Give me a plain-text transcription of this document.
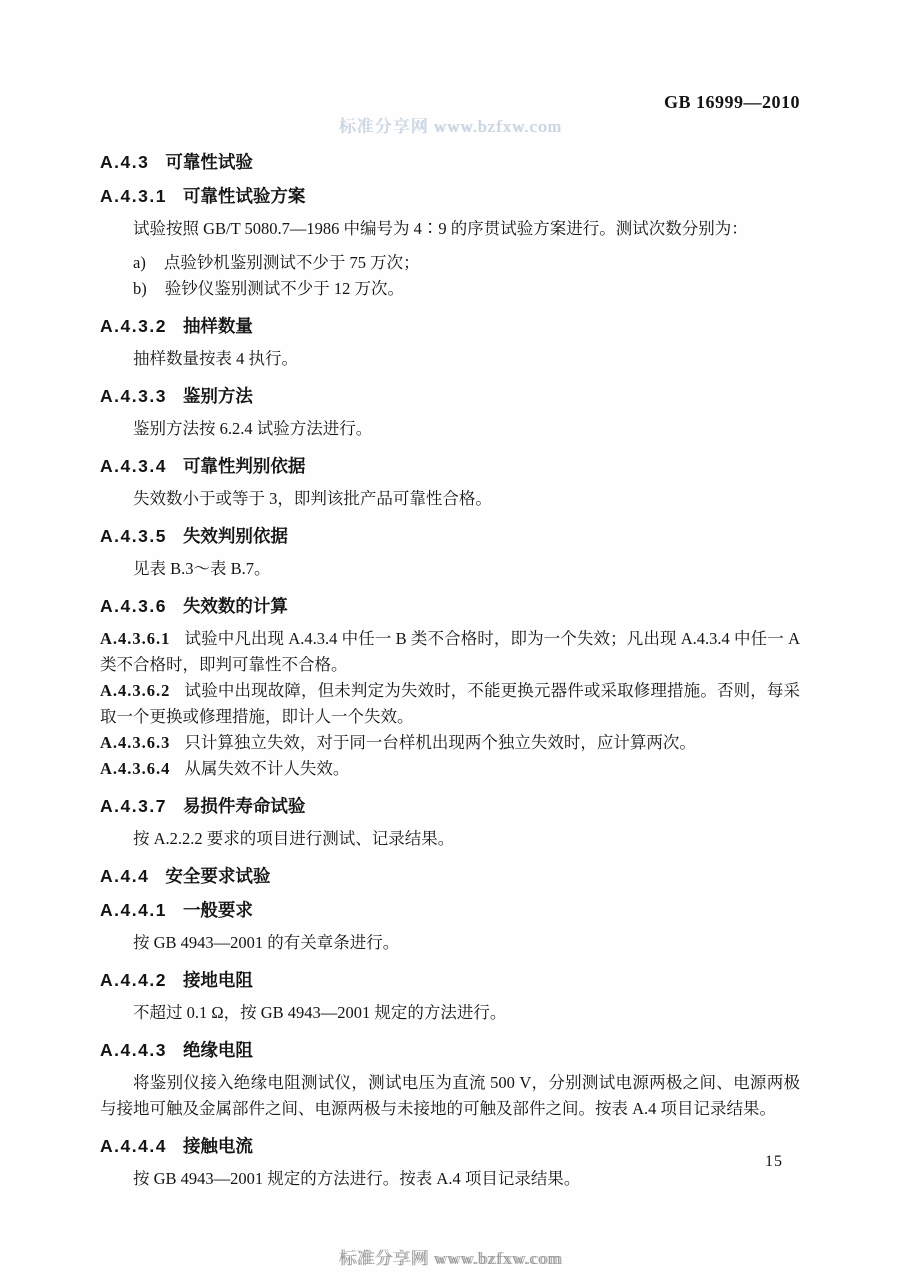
GB 16999—2010
标准分享网 www.bzfxw.com
A.4.3 可靠性试验
A.4.3.1 可靠性试验方案
试验按照 GB/T 5080.7—1986 中编号为 4∶9 的序贯试验方案进行。测试次数分别为：
a) 点验钞机鉴别测试不少于 75 万次；
b) 验钞仪鉴别测试不少于 12 万次。
A.4.3.2 抽样数量
抽样数量按表 4 执行。
A.4.3.3 鉴别方法
鉴别方法按 6.2.4 试验方法进行。
A.4.3.4 可靠性判别依据
失效数小于或等于 3，即判该批产品可靠性合格。
A.4.3.5 失效判别依据
见表 B.3～表 B.7。
A.4.3.6 失效数的计算
A.4.3.6.1 试验中凡出现 A.4.3.4 中任一 B 类不合格时，即为一个失效；凡出现 A.4.3.4 中任一 A 类不合格时，即判可靠性不合格。
A.4.3.6.2 试验中出现故障，但未判定为失效时，不能更换元器件或采取修理措施。否则，每采取一个更换或修理措施，即计人一个失效。
A.4.3.6.3 只计算独立失效，对于同一台样机出现两个独立失效时，应计算两次。
A.4.3.6.4 从属失效不计人失效。
A.4.3.7 易损件寿命试验
按 A.2.2.2 要求的项目进行测试、记录结果。
A.4.4 安全要求试验
A.4.4.1 一般要求
按 GB 4943—2001 的有关章条进行。
A.4.4.2 接地电阻
不超过 0.1 Ω，按 GB 4943—2001 规定的方法进行。
A.4.4.3 绝缘电阻
将鉴别仪接入绝缘电阻测试仪，测试电压为直流 500 V，分别测试电源两极之间、电源两极与接地可触及金属部件之间、电源两极与未接地的可触及部件之间。按表 A.4 项目记录结果。
A.4.4.4 接触电流
按 GB 4943—2001 规定的方法进行。按表 A.4 项目记录结果。
15
标准分享网 www.bzfxw.com
